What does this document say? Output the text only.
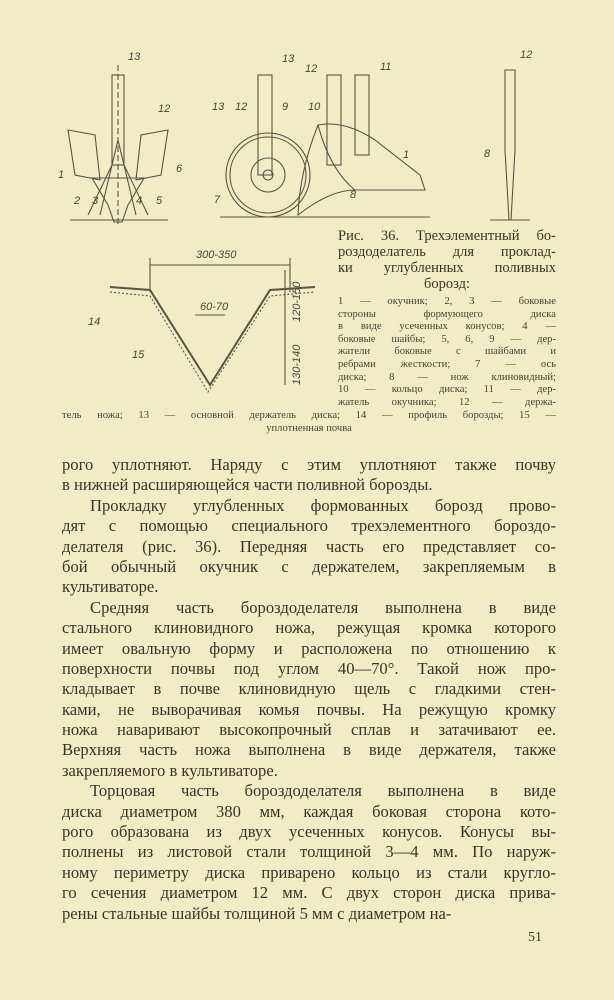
13
12
1	6
2 3	4 5
13
12	11
13 12	9 10
1
7	8
12
8
300-350
60-70	120-150
130-140
14
15
Рис. 36. Трехэлементный бо-
роздоделатель для проклад-
ки углубленных поливных
борозд:
1 — окучник; 2, 3 — боковые
стороны формующего диска
в виде усеченных конусов; 4 —
боковые шайбы; 5, 6, 9 — дер-
жатели боковые с шайбами и
ребрами жесткости; 7 — ось
диска; 8 — нож клиновидный;
10 — кольцо диска; 11 — дер-
жатель окучника; 12 — держа-
тель ножа; 13 — основной держатель диска; 14 — профиль борозды; 15 —
уплотненная почва
рого уплотняют. Наряду с этим уплотняют также почву
в нижней расширяющейся части поливной борозды.
Прокладку углубленных формованных борозд прово-
дят с помощью специального трехэлементного бороздо-
делателя (рис. 36). Передняя часть его представляет со-
бой обычный окучник с держателем, закрепляемым в
культиваторе.
Средняя часть бороздоделателя выполнена в виде
стального клиновидного ножа, режущая кромка которого
имеет овальную форму и расположена по отношению к
поверхности почвы под углом 40—70°. Такой нож про-
кладывает в почве клиновидную щель с гладкими стен-
ками, не выворачивая комья почвы. На режущую кромку
ножа наваривают высокопрочный сплав и затачивают ее.
Верхняя часть ножа выполнена в виде держателя, также
закрепляемого в культиваторе.
Торцовая часть бороздоделателя выполнена в виде
диска диаметром 380 мм, каждая боковая сторона кото-
рого образована из двух усеченных конусов. Конусы вы-
полнены из листовой стали толщиной 3—4 мм. По наруж-
ному периметру диска приварено кольцо из стали кругло-
го сечения диаметром 12 мм. С двух сторон диска прива-
рены стальные шайбы толщиной 5 мм с диаметром на-
51
